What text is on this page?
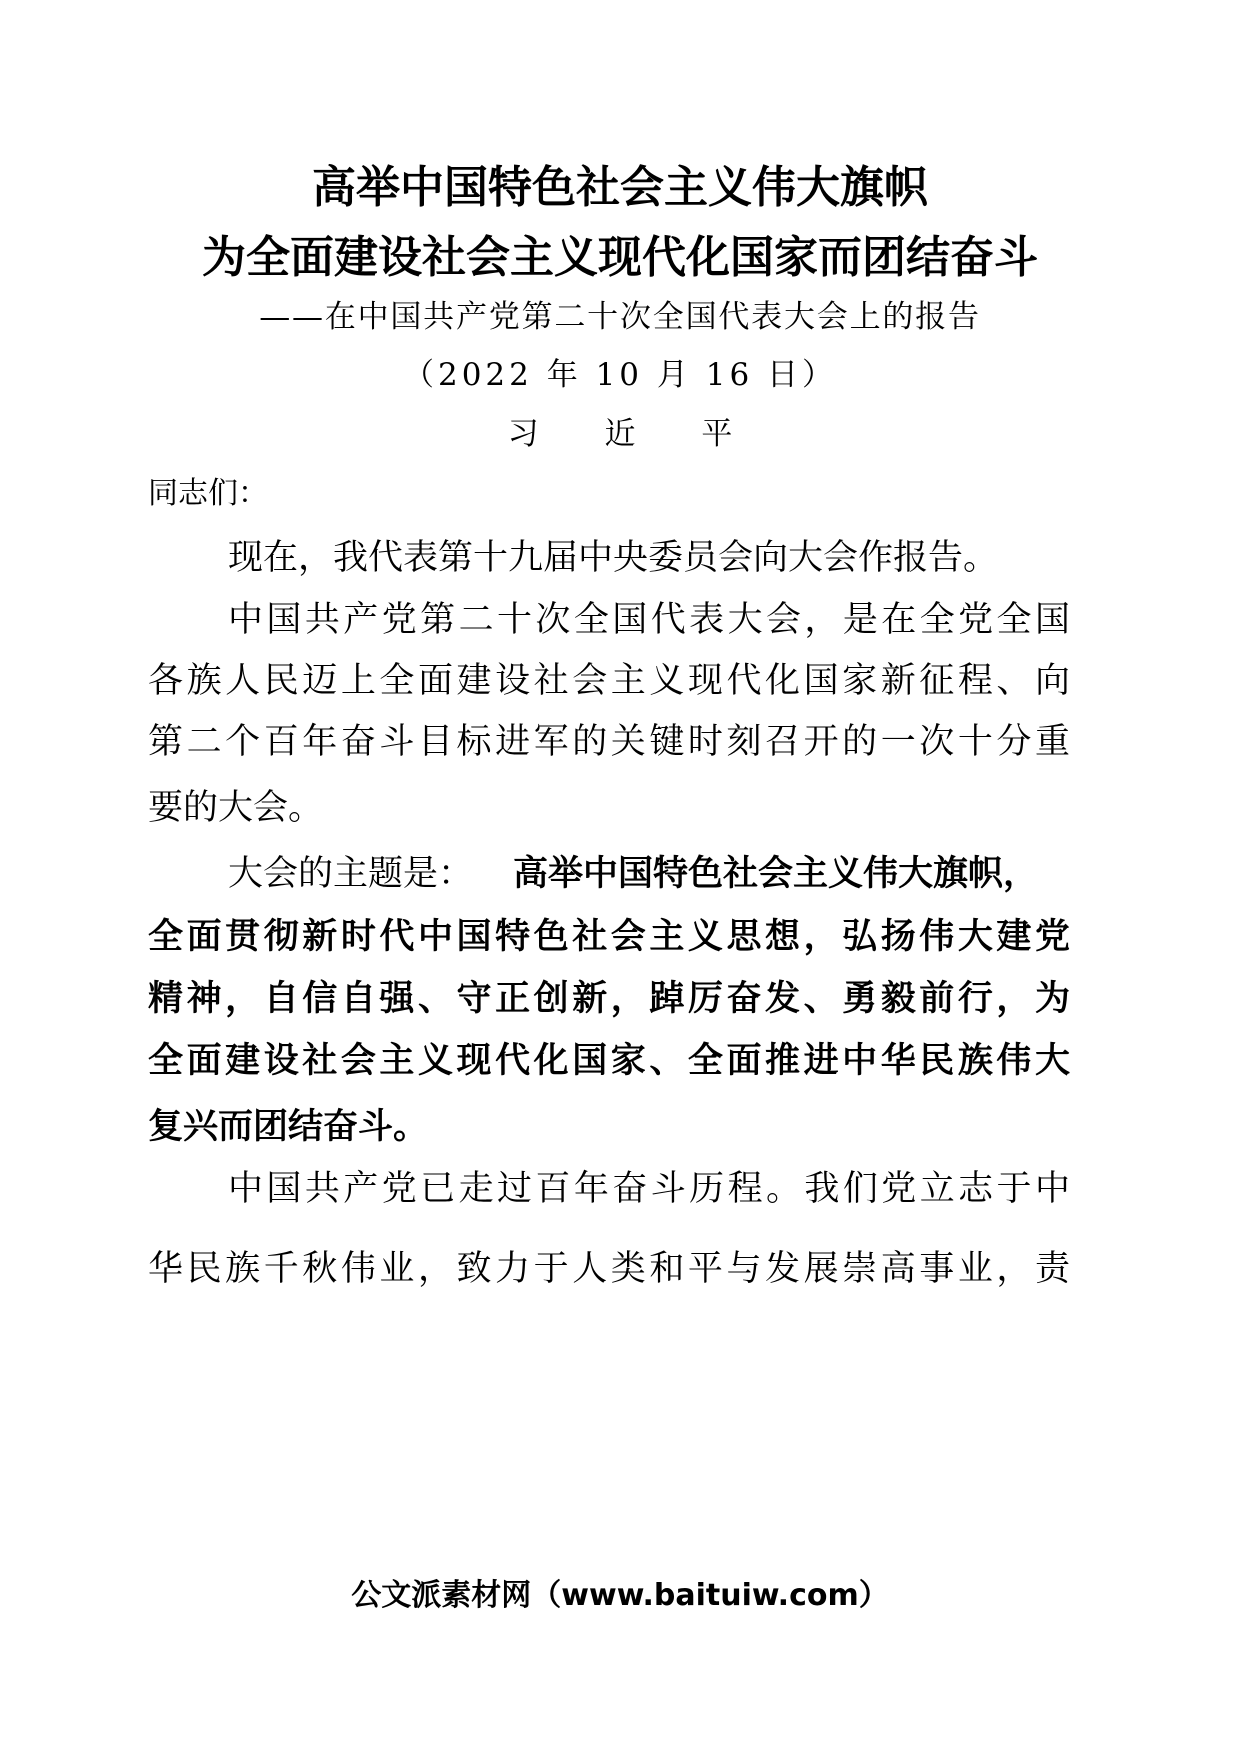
高举中国特色社会主义伟大旗帜
为全面建设社会主义现代化国家而团结奋斗
——在中国共产党第二十次全国代表大会上的报告
（2022 年 10 月 16 日）
习 近 平
同志们：
现在，我代表第十九届中央委员会向大会作报告。
中国共产党第二十次全国代表大会，是在全党全国
各族人民迈上全面建设社会主义现代化国家新征程、向
第二个百年奋斗目标进军的关键时刻召开的一次十分重
要的大会。
大会的主题是： 高举中国特色社会主义伟大旗帜，
全面贯彻新时代中国特色社会主义思想，弘扬伟大建党
精神，自信自强、守正创新，踔厉奋发、勇毅前行，为
全面建设社会主义现代化国家、全面推进中华民族伟大
复兴而团结奋斗。
中国共产党已走过百年奋斗历程。我们党立志于中
华民族千秋伟业，致力于人类和平与发展崇高事业，责
公文派素材网（www.baituiw.com）
